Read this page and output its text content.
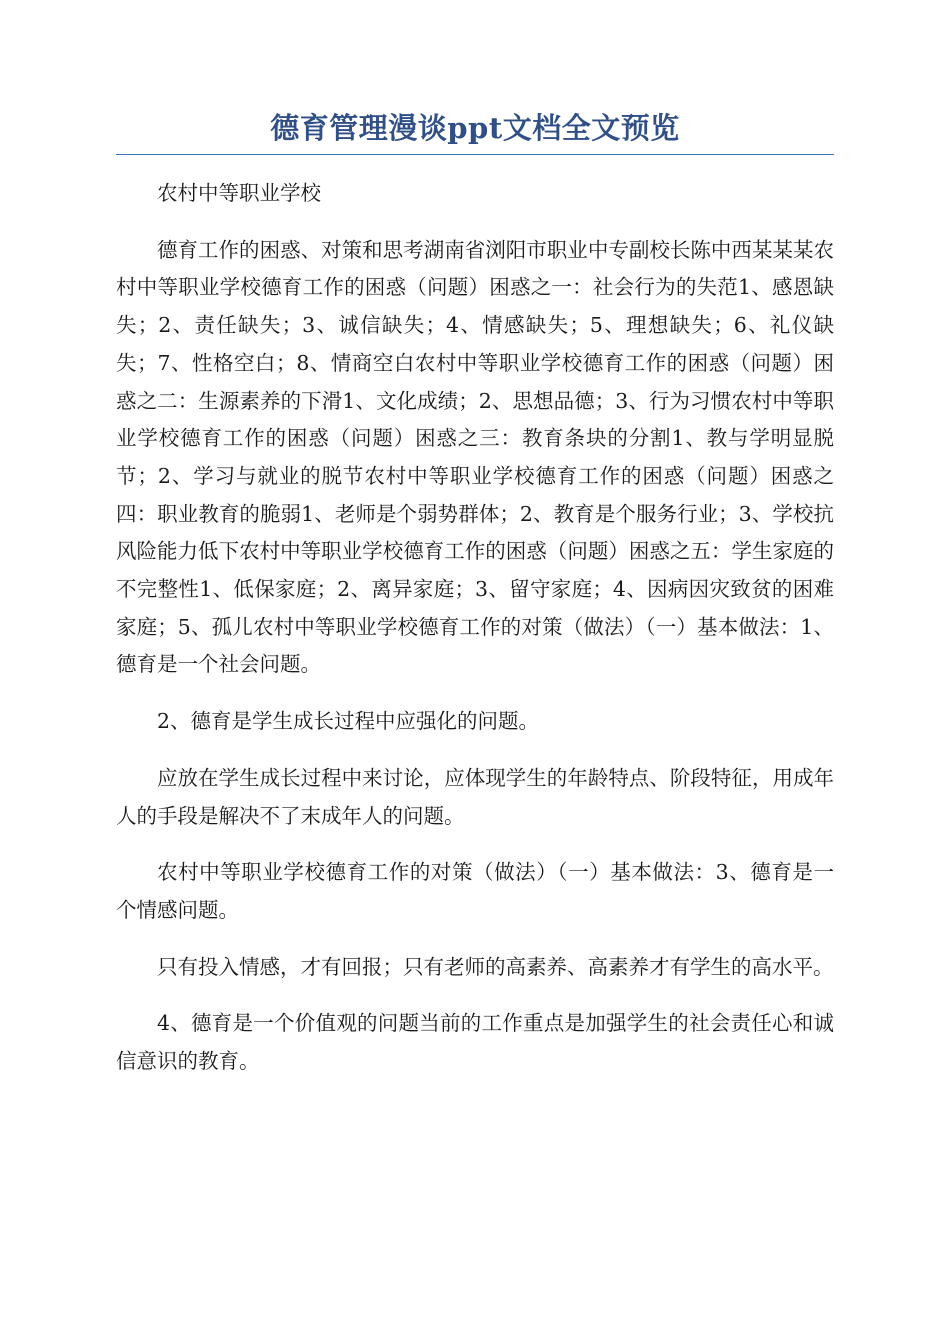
德育管理漫谈ppt文档全文预览

农村中等职业学校

德育工作的困惑、对策和思考湖南省浏阳市职业中专副校长陈中西某某某农村中等职业学校德育工作的困惑（问题）困惑之一：社会行为的失范1、感恩缺失；2、责任缺失；3、诚信缺失；4、情感缺失；5、理想缺失；6、礼仪缺失；7、性格空白；8、情商空白农村中等职业学校德育工作的困惑（问题）困惑之二：生源素养的下滑1、文化成绩；2、思想品德；3、行为习惯农村中等职业学校德育工作的困惑（问题）困惑之三：教育条块的分割1、教与学明显脱节；2、学习与就业的脱节农村中等职业学校德育工作的困惑（问题）困惑之四：职业教育的脆弱1、老师是个弱势群体；2、教育是个服务行业；3、学校抗风险能力低下农村中等职业学校德育工作的困惑（问题）困惑之五：学生家庭的不完整性1、低保家庭；2、离异家庭；3、留守家庭；4、因病因灾致贫的困难家庭；5、孤儿农村中等职业学校德育工作的对策（做法）（一）基本做法：1、德育是一个社会问题。

2、德育是学生成长过程中应强化的问题。

应放在学生成长过程中来讨论，应体现学生的年龄特点、阶段特征，用成年人的手段是解决不了末成年人的问题。

农村中等职业学校德育工作的对策（做法）（一）基本做法：3、德育是一个情感问题。

只有投入情感，才有回报；只有老师的高素养、高素养才有学生的高水平。

4、德育是一个价值观的问题当前的工作重点是加强学生的社会责任心和诚信意识的教育。
